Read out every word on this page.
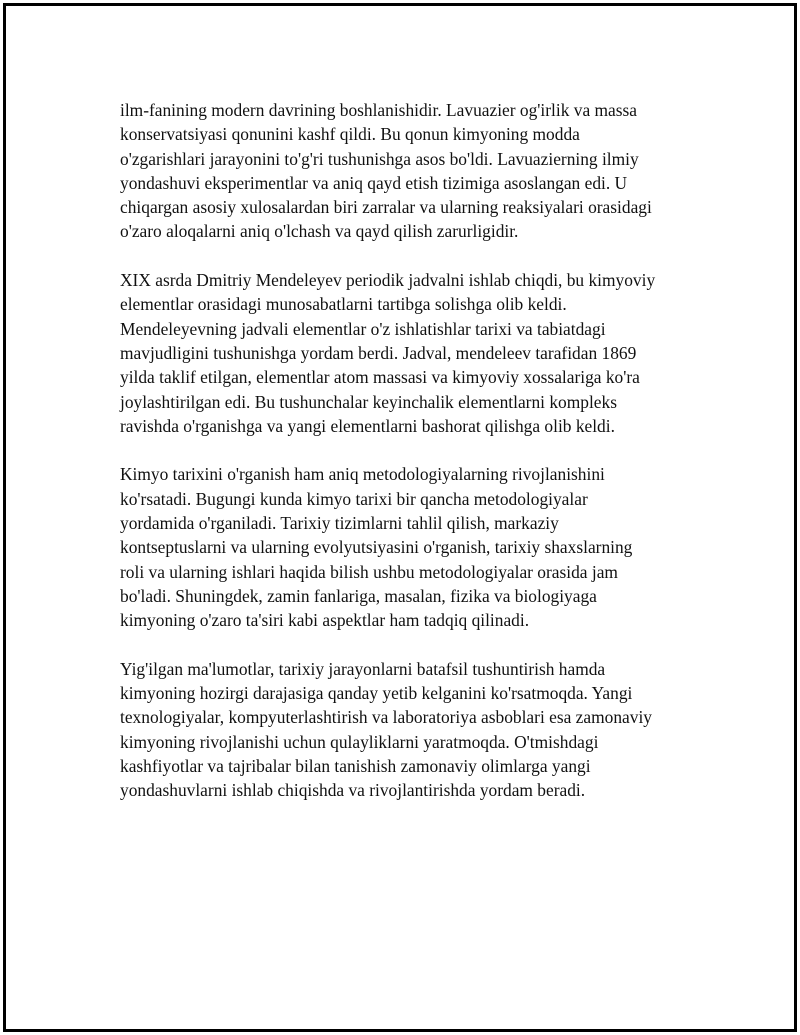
ilm-fanining modern davrining boshlanishidir. Lavuazier og'irlik va massa
konservatsiyasi qonunini kashf qildi. Bu qonun kimyoning modda
o'zgarishlari jarayonini to'g'ri tushunishga asos bo'ldi. Lavuazierning ilmiy
yondashuvi eksperimentlar va aniq qayd etish tizimiga asoslangan edi. U
chiqargan asosiy xulosalardan biri zarralar va ularning reaksiyalari orasidagi
o'zaro aloqalarni aniq o'lchash va qayd qilish zarurligidir.

XIX asrda Dmitriy Mendeleyev periodik jadvalni ishlab chiqdi, bu kimyoviy
elementlar orasidagi munosabatlarni tartibga solishga olib keldi.
Mendeleyevning jadvali elementlar o'z ishlatishlar tarixi va tabiatdagi
mavjudligini tushunishga yordam berdi. Jadval, mendeleev tarafidan 1869
yilda taklif etilgan, elementlar atom massasi va kimyoviy xossalariga ko'ra
joylashtirilgan edi. Bu tushunchalar keyinchalik elementlarni kompleks
ravishda o'rganishga va yangi elementlarni bashorat qilishga olib keldi.

Kimyo tarixini o'rganish ham aniq metodologiyalarning rivojlanishini
ko'rsatadi. Bugungi kunda kimyo tarixi bir qancha metodologiyalar
yordamida o'rganiladi. Tarixiy tizimlarni tahlil qilish, markaziy
kontseptuslarni va ularning evolyutsiyasini o'rganish, tarixiy shaxslarning
roli va ularning ishlari haqida bilish ushbu metodologiyalar orasida jam
bo'ladi. Shuningdek, zamin fanlariga, masalan, fizika va biologiyaga
kimyoning o'zaro ta'siri kabi aspektlar ham tadqiq qilinadi.

Yig'ilgan ma'lumotlar, tarixiy jarayonlarni batafsil tushuntirish hamda
kimyoning hozirgi darajasiga qanday yetib kelganini ko'rsatmoqda. Yangi
texnologiyalar, kompyuterlashtirish va laboratoriya asboblari esa zamonaviy
kimyoning rivojlanishi uchun qulayliklarni yaratmoqda. O'tmishdagi
kashfiyotlar va tajribalar bilan tanishish zamonaviy olimlarga yangi
yondashuvlarni ishlab chiqishda va rivojlantirishda yordam beradi.
